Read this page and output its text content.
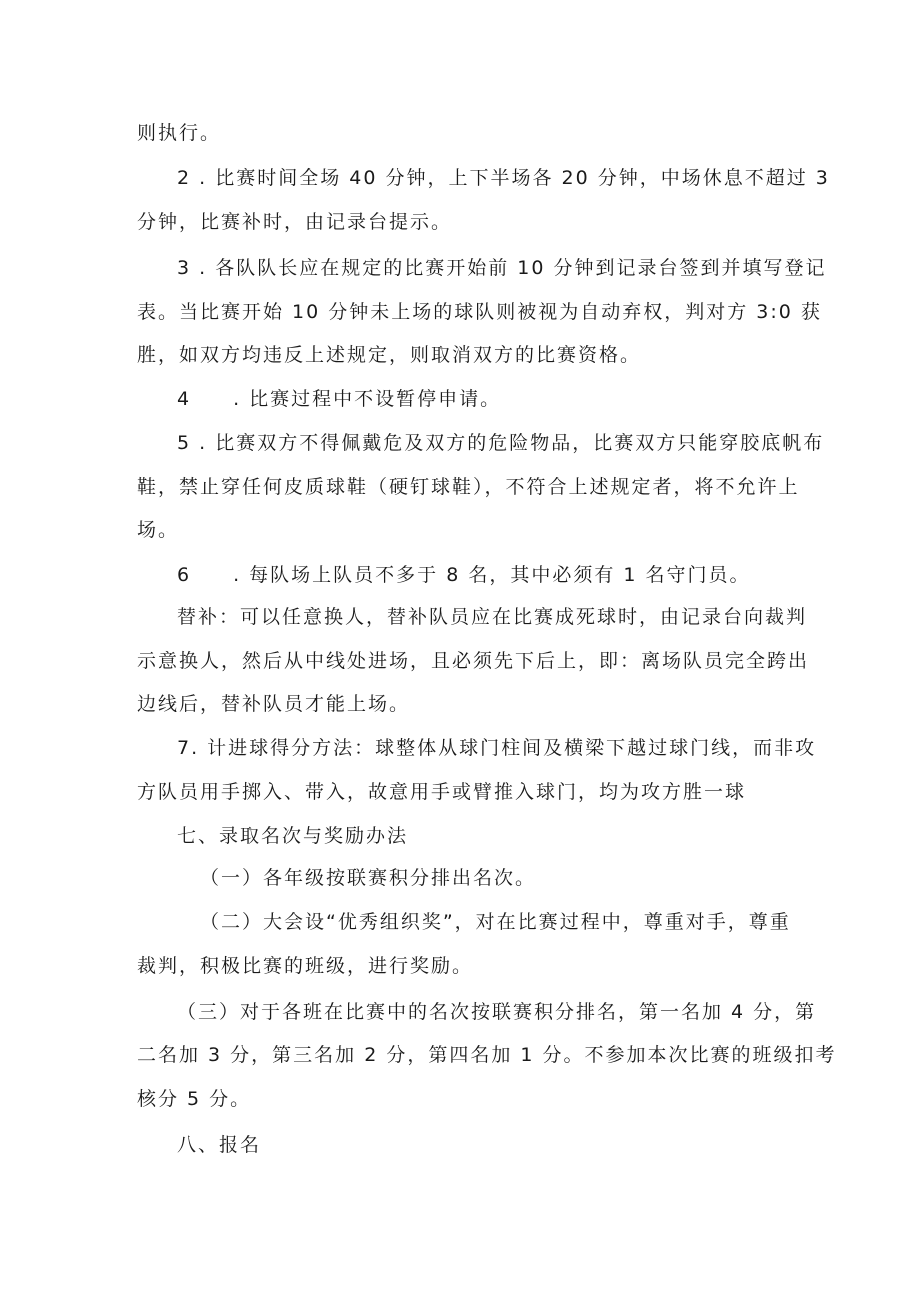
则执行。
2 . 比赛时间全场 40 分钟，上下半场各 20 分钟，中场休息不超过 3
分钟，比赛补时，由记录台提示。
3 . 各队队长应在规定的比赛开始前 10 分钟到记录台签到并填写登记
表。当比赛开始 10 分钟未上场的球队则被视为自动弃权，判对方 3:0 获
胜，如双方均违反上述规定，则取消双方的比赛资格。
4　　. 比赛过程中不设暂停申请。
5 . 比赛双方不得佩戴危及双方的危险物品，比赛双方只能穿胶底帆布
鞋，禁止穿任何皮质球鞋（硬钉球鞋），不符合上述规定者，将不允许上
场。
6　　. 每队场上队员不多于 8 名，其中必须有 1 名守门员。
替补：可以任意换人，替补队员应在比赛成死球时，由记录台向裁判
示意换人，然后从中线处进场，且必须先下后上，即：离场队员完全跨出
边线后，替补队员才能上场。
7. 计进球得分方法：球整体从球门柱间及横梁下越过球门线，而非攻
方队员用手掷入、带入，故意用手或臂推入球门，均为攻方胜一球
七、录取名次与奖励办法
（一）各年级按联赛积分排出名次。
（二）大会设“优秀组织奖”，对在比赛过程中，尊重对手，尊重
裁判，积极比赛的班级，进行奖励。
（三）对于各班在比赛中的名次按联赛积分排名，第一名加 4 分，第
二名加 3 分，第三名加 2 分，第四名加 1 分。不参加本次比赛的班级扣考
核分 5 分。
八、报名
